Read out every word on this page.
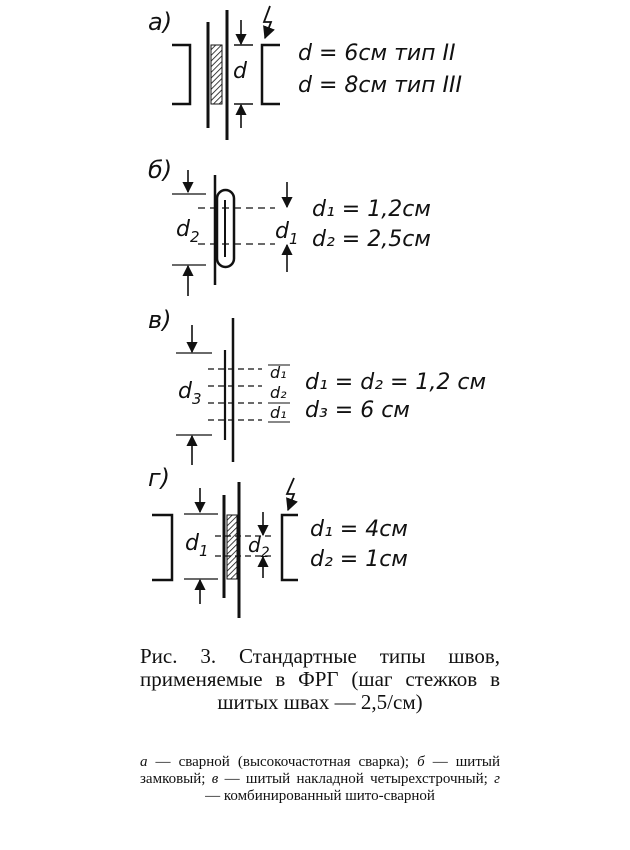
а)
d
d = 6см тип II
d = 8см тип III
б)
$d_2$	$d_1$
d₁ = 1,2см
d₂ = 2,5см
в)
$d_3$
d₁
d₂
d₁
d₁ = d₂ = 1,2 см
d₃ = 6 см
г)
$d_1$ $d_2$
d₁ = 4см
d₂ = 1см
Рис. 3. Стандартные типы швов, применяемые в ФРГ (шаг стежков в шитых швах — 2,5/см)
а — сварной (высокочастотная сварка); б — шитый замковый; в — шитый накладной четырехстрочный; г — комбинированный шито-сварной
